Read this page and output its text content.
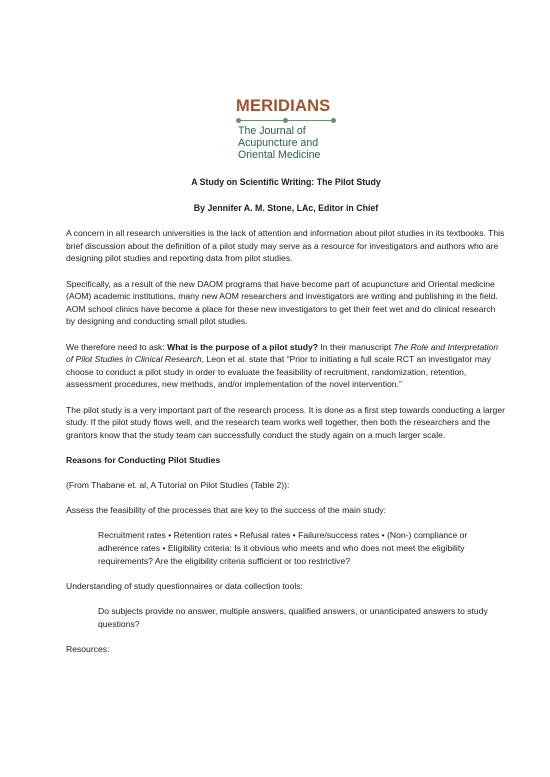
MERIDIANS
The Journal of
Acupuncture and
Oriental Medicine
A Study on Scientific Writing: The Pilot Study
By Jennifer A. M. Stone, LAc, Editor in Chief

A concern in all research universities is the lack of attention and information about pilot studies in its textbooks. This brief discussion about the definition of a pilot study may serve as a resource for investigators and authors who are designing pilot studies and reporting data from pilot studies.

Specifically, as a result of the new DAOM programs that have become part of acupuncture and Oriental medicine (AOM) academic institutions, many new AOM researchers and investigators are writing and publishing in the field. AOM school clinics have become a place for these new investigators to get their feet wet and do clinical research by designing and conducting small pilot studies.

We therefore need to ask: What is the purpose of a pilot study? In their manuscript The Role and Interpretation of Pilot Studies in Clinical Research, Leon et al. state that “Prior to initiating a full scale RCT an investigator may choose to conduct a pilot study in order to evaluate the feasibility of recruitment, randomization, retention, assessment procedures, new methods, and/or implementation of the novel intervention.”

The pilot study is a very important part of the research process. It is done as a first step towards conducting a larger study. If the pilot study flows well, and the research team works well together, then both the researchers and the grantors know that the study team can successfully conduct the study again on a much larger scale.

Reasons for Conducting Pilot Studies

(From Thabane et. al, A Tutorial on Pilot Studies (Table 2)):

Assess the feasibility of the processes that are key to the success of the main study:

Recruitment rates • Retention rates • Refusal rates • Failure/success rates • (Non-) compliance or adherence rates • Eligibility criteria: Is it obvious who meets and who does not meet the eligibility requirements? Are the eligibility criteria sufficient or too restrictive?

Understanding of study questionnaires or data collection tools:

Do subjects provide no answer, multiple answers, qualified answers, or unanticipated answers to study questions?

Resources:
